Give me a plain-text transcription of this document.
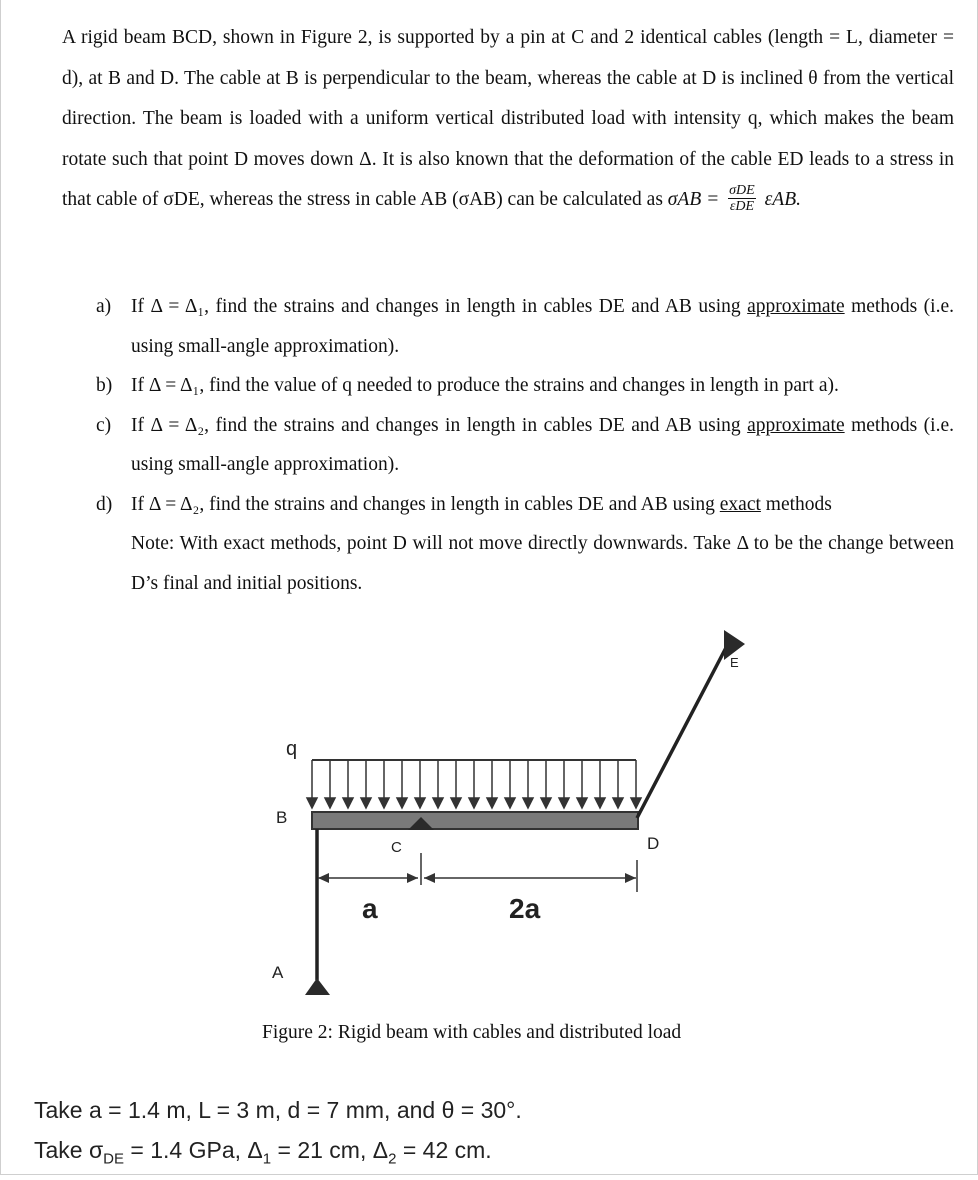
A rigid beam BCD, shown in Figure 2, is supported by a pin at C and 2 identical cables (length = L, diameter = d), at B and D. The cable at B is perpendicular to the beam, whereas the cable at D is inclined θ from the vertical direction. The beam is loaded with a uniform vertical distributed load with intensity q, which makes the beam rotate such that point D moves down Δ. It is also known that the deformation of the cable ED leads to a stress in that cable of σDE, whereas the stress in cable AB (σAB) can be calculated as $\sigma AB = \frac{\text{σDE}}{\text{εDE}} \varepsilon AB$.

a)	If Δ = Δ₁, find the strains and changes in length in cables DE and AB using approximate methods (i.e. using small-angle approximation).
b) If Δ = Δ₁, find the value of q needed to produce the strains and changes in length in part a).
c)	If Δ = Δ₂, find the strains and changes in length in cables DE and AB using approximate methods (i.e. using small-angle approximation).
d) If Δ = Δ₂, find the strains and changes in length in cables DE and AB using exact methods
Note: With exact methods, point D will not move directly downwards. Take Δ to be the change between D’s final and initial positions.
q
B
C	D
E
A
a	2a
Figure 2: Rigid beam with cables and distributed load
Take a = 1.4 m, L = 3 m, d = 7 mm, and θ = 30°.
Take $\sigma_{DE} = 1.4$ GPa, $\Delta_1 = 21$ cm, $\Delta_2 = 42$ cm.
